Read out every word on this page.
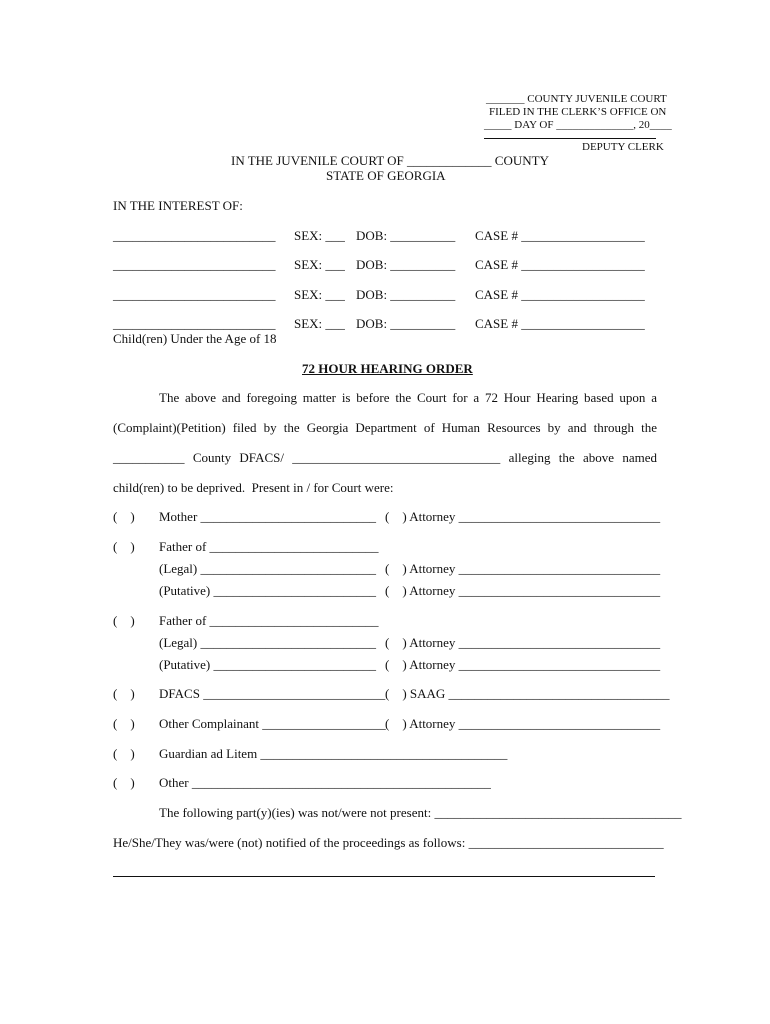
_______ COUNTY JUVENILE COURT
FILED IN THE CLERK’S OFFICE ON
_____ DAY OF ______________, 20____
DEPUTY CLERK
IN THE JUVENILE COURT OF _____________ COUNTY
STATE OF GEORGIA
IN THE INTEREST OF:
_________________________ SEX: ___ DOB: __________ CASE # ___________________
_________________________ SEX: ___ DOB: __________ CASE # ___________________
_________________________ SEX: ___ DOB: __________ CASE # ___________________
_________________________ SEX: ___ DOB: __________ CASE # ___________________
Child(ren) Under the Age of 18
72 HOUR HEARING ORDER
The above and foregoing matter is before the Court for a 72 Hour Hearing based upon a
(Complaint)(Petition) filed by the Georgia Department of Human Resources by and through the
___________ County DFACS/ ________________________________ alleging the above named
child(ren) to be deprived.  Present in / for Court were:
(    ) Mother ___________________________ (    ) Attorney _______________________________
(    ) Father of __________________________
(Legal) ___________________________ (    ) Attorney _______________________________
(Putative) _________________________ (    ) Attorney _______________________________
(    ) Father of __________________________
(Legal) ___________________________ (    ) Attorney _______________________________
(Putative) _________________________ (    ) Attorney _______________________________
(    ) DFACS ____________________________ (    ) SAAG __________________________________
(    ) Other Complainant ___________________ (    ) Attorney _______________________________
(    ) Guardian ad Litem ______________________________________
(    ) Other ______________________________________________
The following part(y)(ies) was not/were not present: ______________________________________
He/She/They was/were (not) notified of the proceedings as follows: ______________________________
